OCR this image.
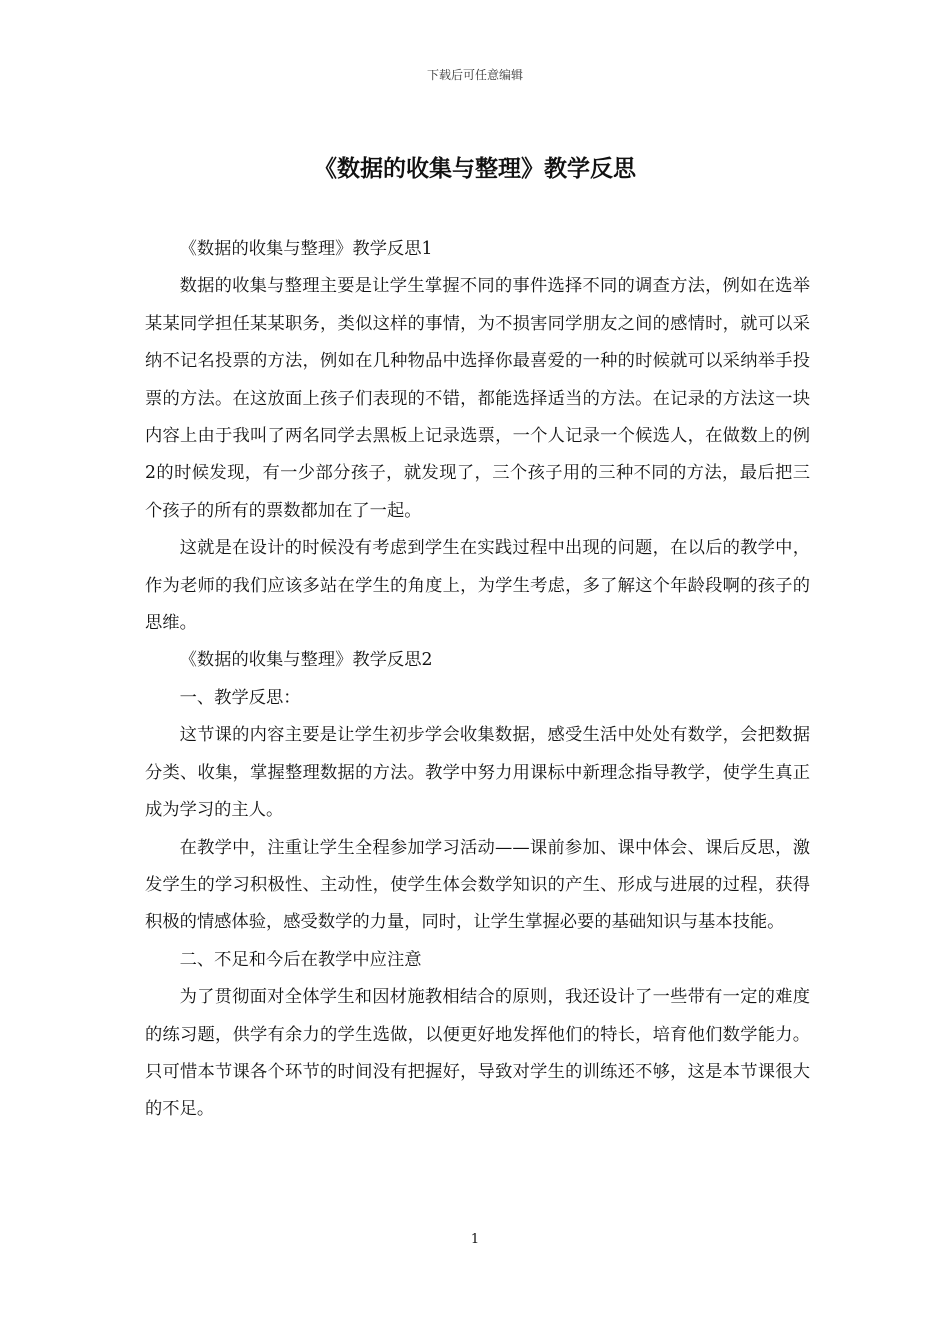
下载后可任意编辑
《数据的收集与整理》教学反思

《数据的收集与整理》教学反思1

数据的收集与整理主要是让学生掌握不同的事件选择不同的调查方法，例如在选举某某同学担任某某职务，类似这样的事情，为不损害同学朋友之间的感情时，就可以采纳不记名投票的方法，例如在几种物品中选择你最喜爱的一种的时候就可以采纳举手投票的方法。在这放面上孩子们表现的不错，都能选择适当的方法。在记录的方法这一块内容上由于我叫了两名同学去黑板上记录选票，一个人记录一个候选人，在做数上的例2的时候发现，有一少部分孩子，就发现了，三个孩子用的三种不同的方法，最后把三个孩子的所有的票数都加在了一起。

这就是在设计的时候没有考虑到学生在实践过程中出现的问题，在以后的教学中，作为老师的我们应该多站在学生的角度上，为学生考虑，多了解这个年龄段啊的孩子的思维。

《数据的收集与整理》教学反思2

一、教学反思：

这节课的内容主要是让学生初步学会收集数据，感受生活中处处有数学，会把数据分类、收集，掌握整理数据的方法。教学中努力用课标中新理念指导教学，使学生真正成为学习的主人。

在教学中，注重让学生全程参加学习活动——课前参加、课中体会、课后反思，激发学生的学习积极性、主动性，使学生体会数学知识的产生、形成与进展的过程，获得积极的情感体验，感受数学的力量，同时，让学生掌握必要的基础知识与基本技能。

二、不足和今后在教学中应注意

为了贯彻面对全体学生和因材施教相结合的原则，我还设计了一些带有一定的难度的练习题，供学有余力的学生选做，以便更好地发挥他们的特长，培育他们数学能力。只可惜本节课各个环节的时间没有把握好，导致对学生的训练还不够，这是本节课很大的不足。

1
